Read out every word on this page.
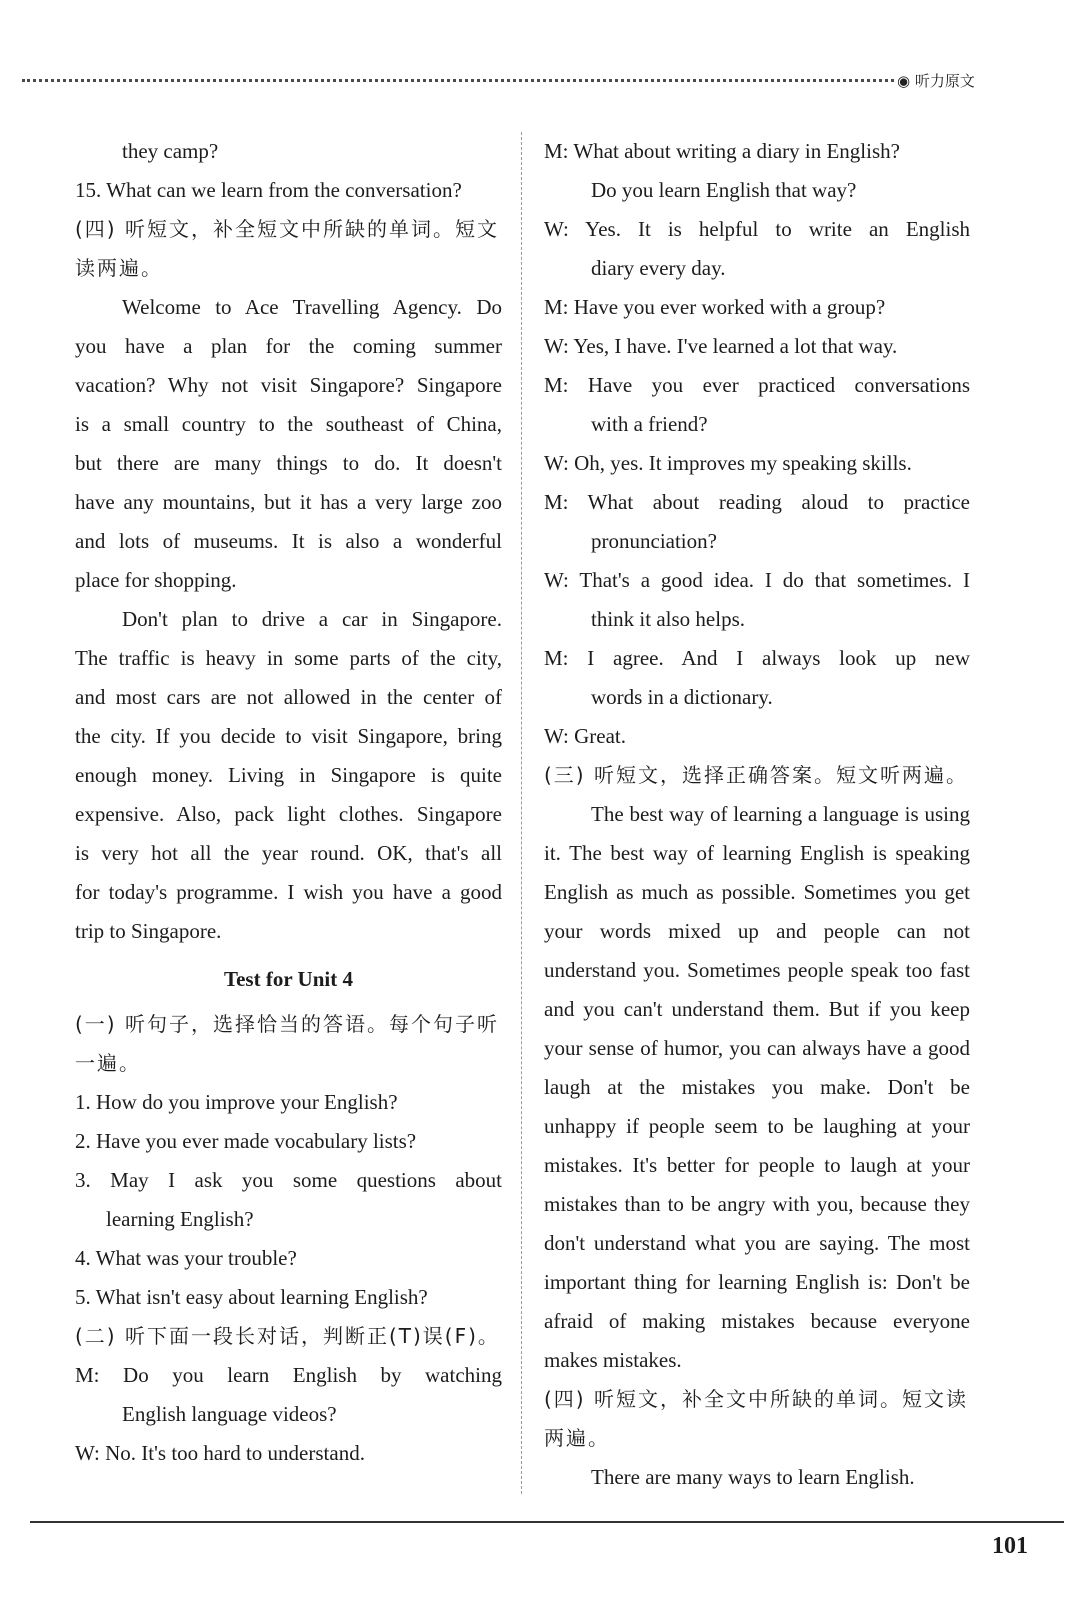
◉ 听力原文
they camp?
15. What can we learn from the conversation?
(四) 听短文，补全短文中所缺的单词。短文
读两遍。
Welcome to Ace Travelling Agency. Do
you have a plan for the coming summer
vacation? Why not visit Singapore? Singapore
is a small country to the southeast of China,
but there are many things to do. It doesn't
have any mountains, but it has a very large zoo
and lots of museums. It is also a wonderful
place for shopping.
Don't plan to drive a car in Singapore.
The traffic is heavy in some parts of the city,
and most cars are not allowed in the center of
the city. If you decide to visit Singapore, bring
enough money. Living in Singapore is quite
expensive. Also, pack light clothes. Singapore
is very hot all the year round. OK, that's all
for today's programme. I wish you have a good
trip to Singapore.
Test for Unit 4
(一) 听句子，选择恰当的答语。每个句子听
一遍。
1. How do you improve your English?
2. Have you ever made vocabulary lists?
3. May I ask you some questions about
learning English?
4. What was your trouble?
5. What isn't easy about learning English?
(二) 听下面一段长对话，判断正(T)误(F)。
M: Do you learn English by watching
English language videos?
W: No. It's too hard to understand.
M: What about writing a diary in English?
Do you learn English that way?
W: Yes. It is helpful to write an English
diary every day.
M: Have you ever worked with a group?
W: Yes, I have. I've learned a lot that way.
M: Have you ever practiced conversations
with a friend?
W: Oh, yes. It improves my speaking skills.
M: What about reading aloud to practice
pronunciation?
W: That's a good idea. I do that sometimes. I
think it also helps.
M: I agree. And I always look up new
words in a dictionary.
W: Great.
(三) 听短文，选择正确答案。短文听两遍。
The best way of learning a language is using
it. The best way of learning English is speaking
English as much as possible. Sometimes you get
your words mixed up and people can not
understand you. Sometimes people speak too fast
and you can't understand them. But if you keep
your sense of humor, you can always have a good
laugh at the mistakes you make. Don't be
unhappy if people seem to be laughing at your
mistakes. It's better for people to laugh at your
mistakes than to be angry with you, because they
don't understand what you are saying. The most
important thing for learning English is: Don't be
afraid of making mistakes because everyone
makes mistakes.
(四) 听短文，补全文中所缺的单词。短文读
两遍。
There are many ways to learn English.
101
